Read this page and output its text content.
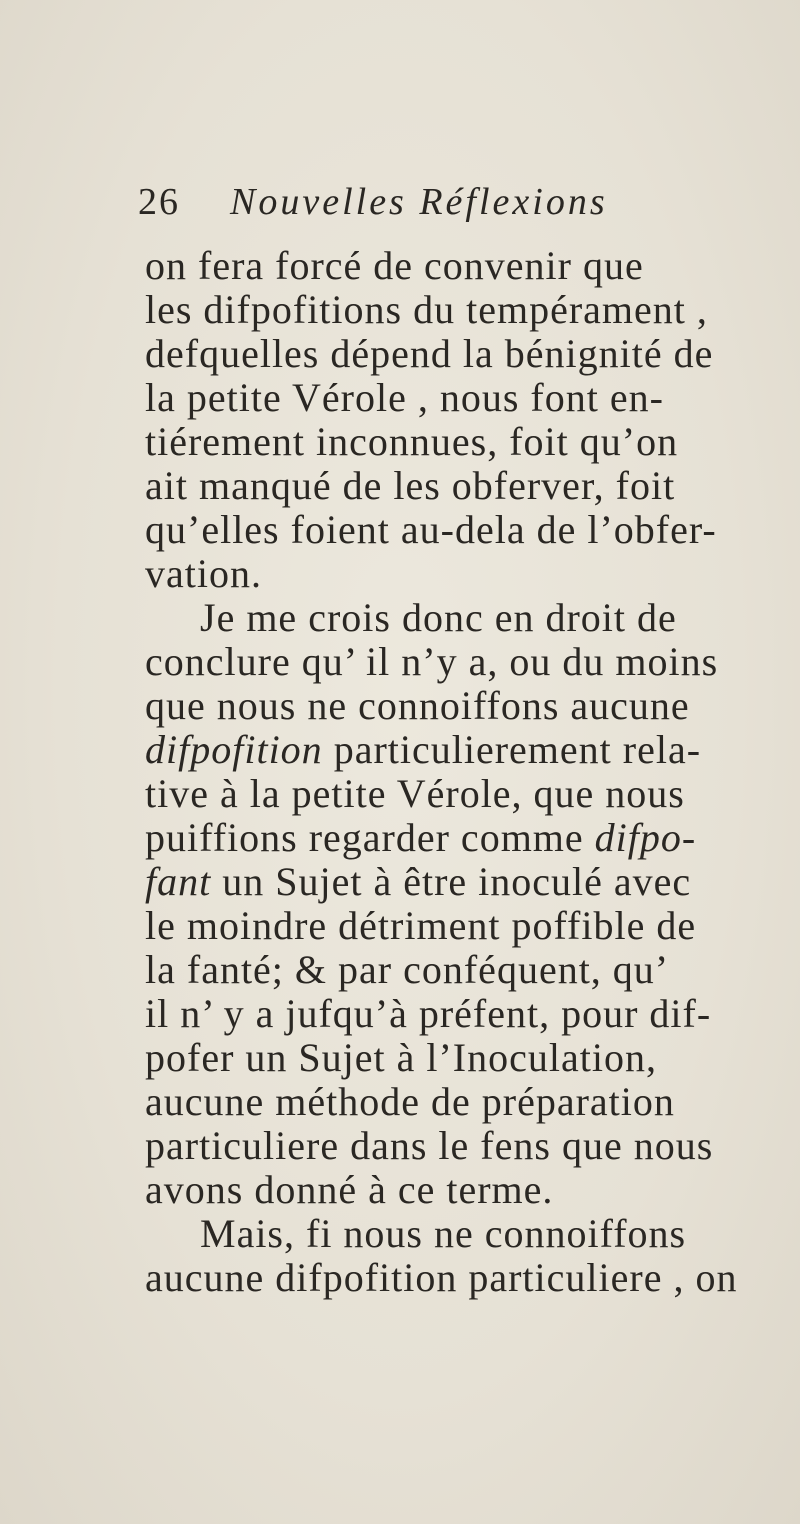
26 Nouvelles Réflexions
on fera forcé de convenir que
les difpofitions du tempérament ,
defquelles dépend la bénignité de
la petite Vérole , nous font en-
tiérement inconnues, foit qu’on
ait manqué de les obferver, foit
qu’elles foient au-dela de l’obfer-
vation.
Je me crois donc en droit de
conclure qu’ il n’y a, ou du moins
que nous ne connoiffons aucune
difpofition particulierement rela-
tive à la petite Vérole, que nous
puiffions regarder comme difpo-
fant un Sujet à être inoculé avec
le moindre détriment poffible de
la fanté; & par conféquent, qu’
il n’ y a jufqu’à préfent, pour dif-
pofer un Sujet à l’Inoculation,
aucune méthode de préparation
particuliere dans le fens que nous
avons donné à ce terme.
Mais, fi nous ne connoiffons
aucune difpofition particuliere , on
